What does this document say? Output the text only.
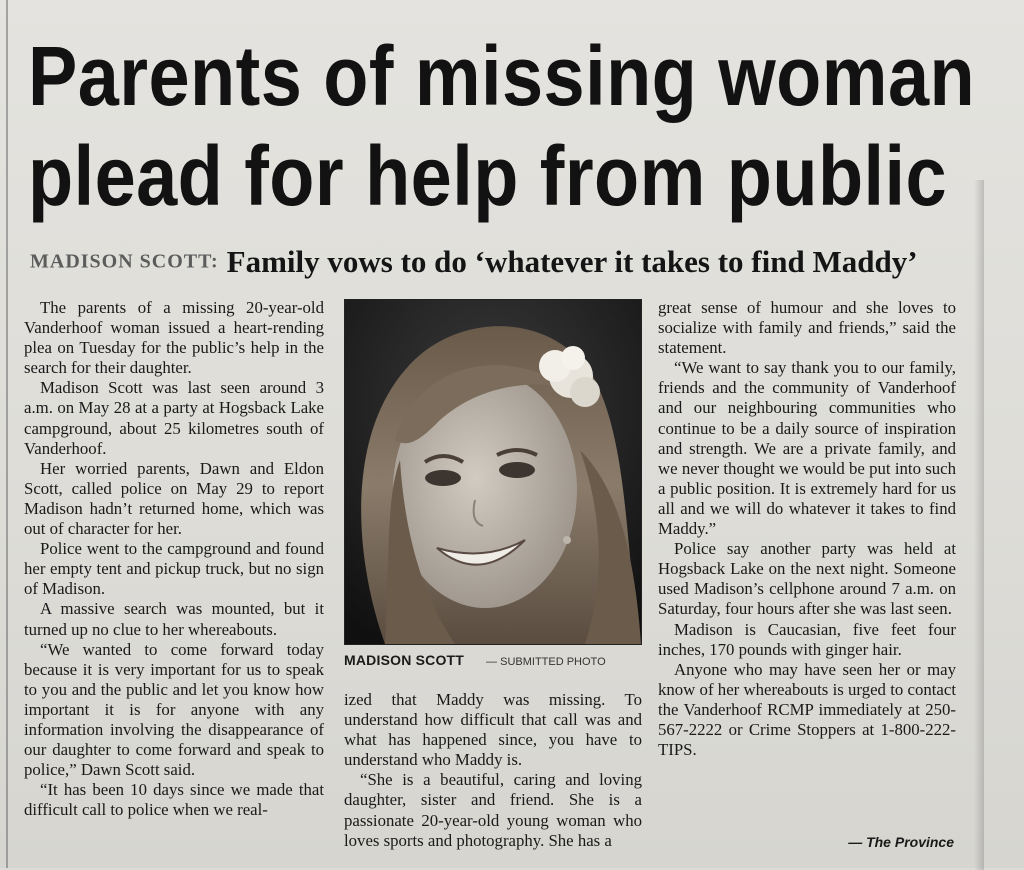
Parents of missing woman
plead for help from public
MADISON SCOTT: Family vows to do ‘whatever it takes to find Maddy’

The parents of a missing 20-year-old Vanderhoof woman issued a heart-rending plea on Tuesday for the public’s help in the search for their daughter.

Madison Scott was last seen around 3 a.m. on May 28 at a party at Hogsback Lake campground, about 25 kilometres south of Vanderhoof.

Her worried parents, Dawn and Eldon Scott, called police on May 29 to report Madison hadn’t returned home, which was out of character for her.

Police went to the campground and found her empty tent and pickup truck, but no sign of Madison.

A massive search was mounted, but it turned up no clue to her whereabouts.

“We wanted to come forward today because it is very important for us to speak to you and the public and let you know how important it is for anyone with any information involving the disappearance of our daughter to come forward and speak to police,” Dawn Scott said.

“It has been 10 days since we made that difficult call to police when we real-

MADISON SCOTT — SUBMITTED PHOTO

ized that Maddy was missing. To understand how difficult that call was and what has happened since, you have to understand who Maddy is.

“She is a beautiful, caring and loving daughter, sister and friend. She is a passionate 20-year-old young woman who loves sports and photography. She has a

great sense of humour and she loves to socialize with family and friends,” said the statement.

“We want to say thank you to our family, friends and the community of Vanderhoof and our neighbouring communities who continue to be a daily source of inspiration and strength. We are a private family, and we never thought we would be put into such a public position. It is extremely hard for us all and we will do whatever it takes to find Maddy.”

Police say another party was held at Hogsback Lake on the next night. Someone used Madison’s cellphone around 7 a.m. on Saturday, four hours after she was last seen.

Madison is Caucasian, five feet four inches, 170 pounds with ginger hair.

Anyone who may have seen her or may know of her whereabouts is urged to contact the Vanderhoof RCMP immediately at 250-567-2222 or Crime Stoppers at 1-800-222-TIPS.

— The Province
